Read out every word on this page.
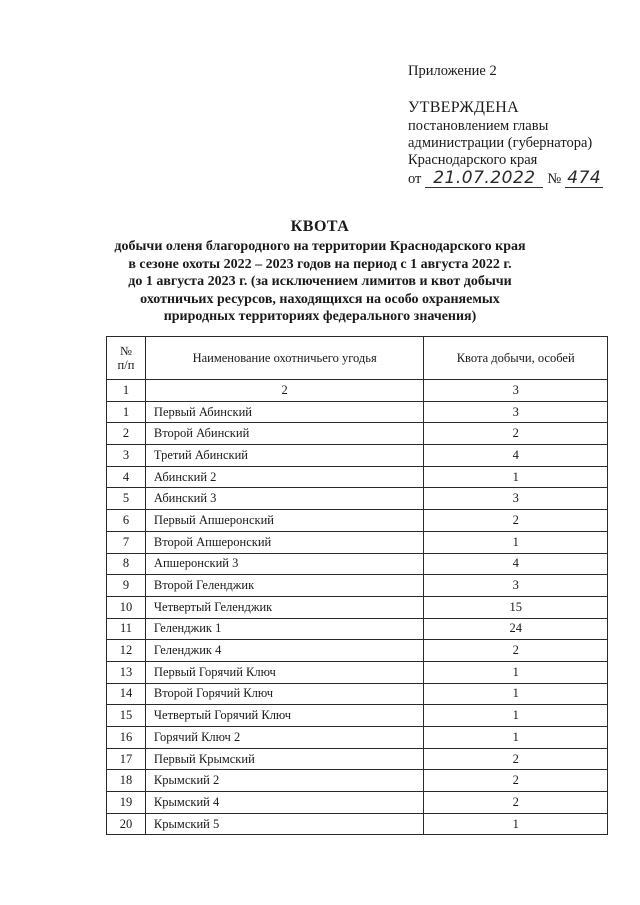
Приложение 2
УТВЕРЖДЕНА
постановлением главы
администрации (губернатора)
Краснодарского края
от 21.07.2022 № 474
КВОТА
добычи оленя благородного на территории Краснодарского края
в сезоне охоты 2022 – 2023 годов на период с 1 августа 2022 г.
до 1 августа 2023 г. (за исключением лимитов и квот добычи
охотничьих ресурсов, находящихся на особо охраняемых
природных территориях федерального значения)
№
п/п	Наименование охотничьего угодья	Квота добычи, особей
1	2	3
1	Первый Абинский	3
2	Второй Абинский	2
3	Третий Абинский	4
4	Абинский 2	1
5	Абинский 3	3
6	Первый Апшеронский	2
7	Второй Апшеронский	1
8	Апшеронский 3	4
9	Второй Геленджик	3
10	Четвертый Геленджик	15
11	Геленджик 1	24
12	Геленджик 4	2
13	Первый Горячий Ключ	1
14	Второй Горячий Ключ	1
15	Четвертый Горячий Ключ	1
16	Горячий Ключ 2	1
17	Первый Крымский	2
18	Крымский 2	2
19	Крымский 4	2
20	Крымский 5	1
